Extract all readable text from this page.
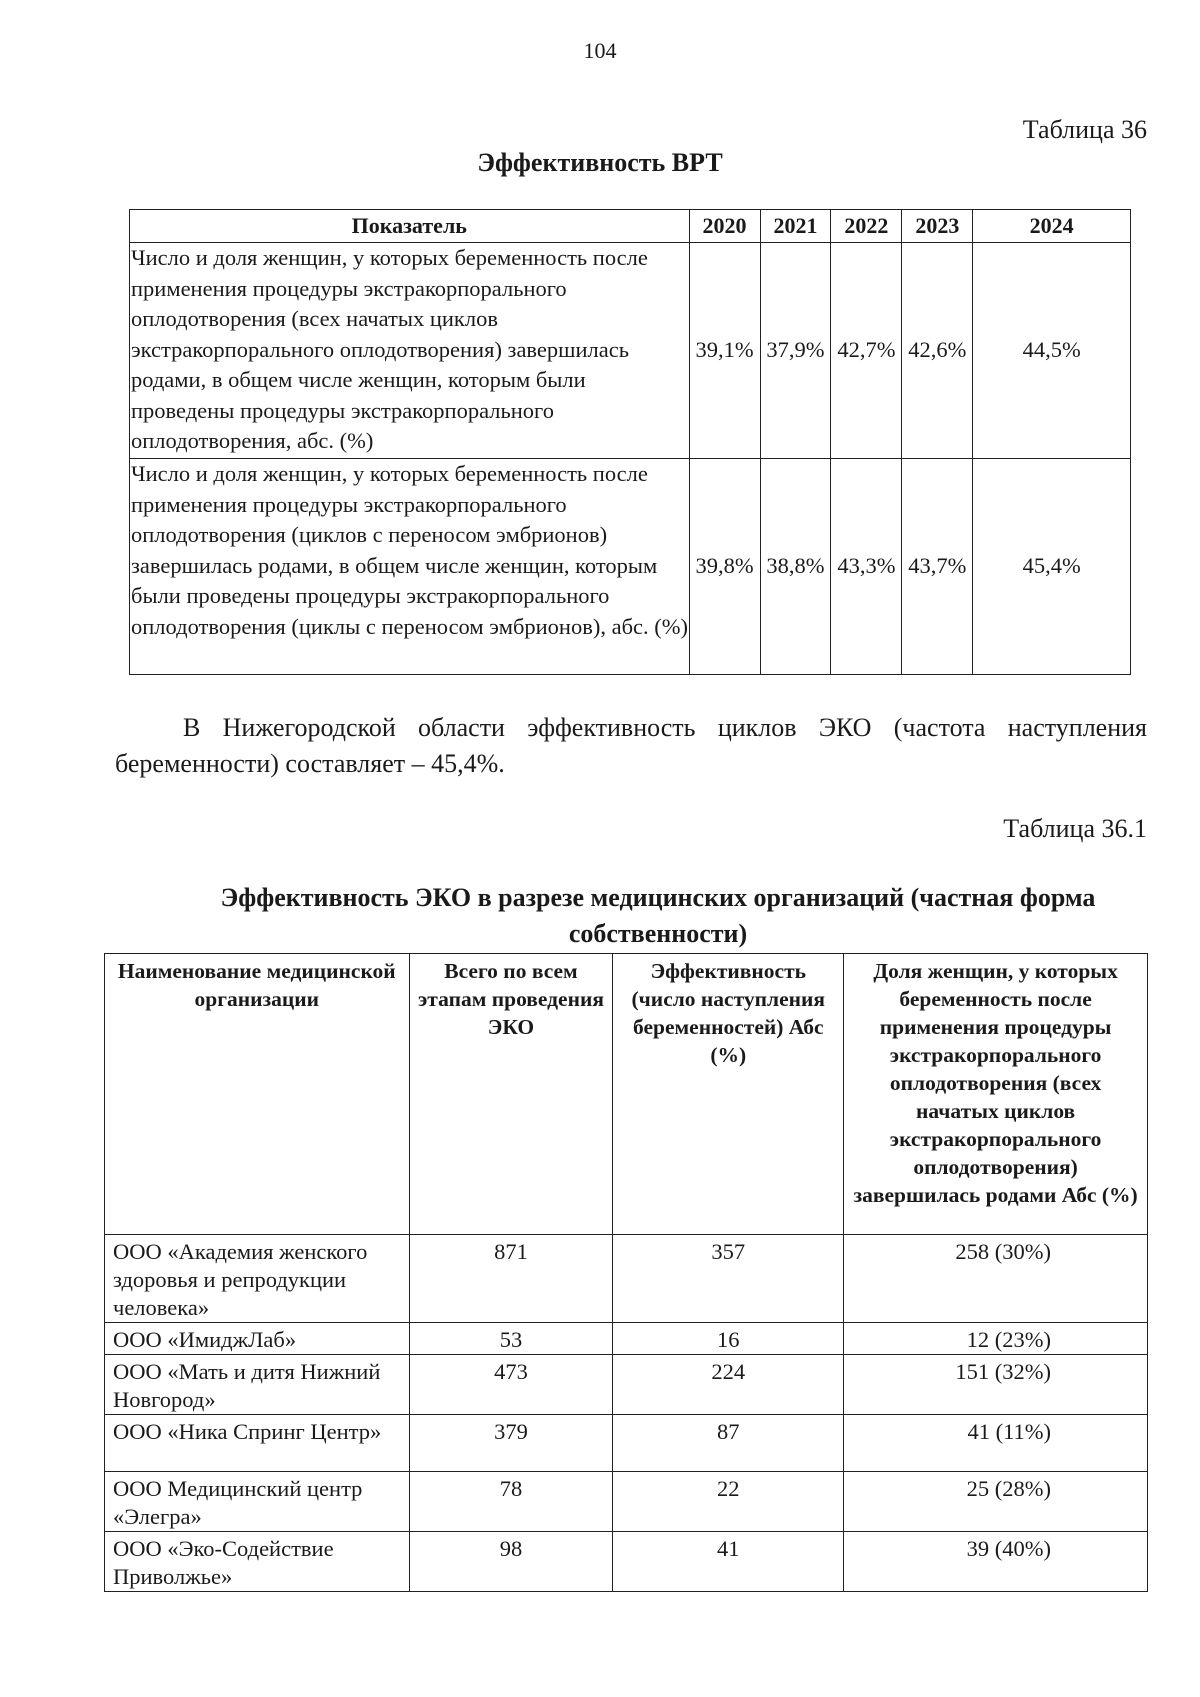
104
Таблица 36
Эффективность ВРТ
Показатель	2020	2021	2022	2023	2024
Число и доля женщин, у которых беременность после применения процедуры экстракорпорального оплодотворения (всех начатых циклов экстракорпорального оплодотворения) завершилась родами, в общем числе женщин, которым были проведены процедуры экстракорпорального оплодотворения, абс. (%)	39,1%	37,9%	42,7%	42,6%	44,5%
Число и доля женщин, у которых беременность после применения процедуры экстракорпорального оплодотворения (циклов с переносом эмбрионов) завершилась родами, в общем числе женщин, которым были проведены процедуры экстракорпорального оплодотворения (циклы с переносом эмбрионов), абс. (%)	39,8%	38,8%	43,3%	43,7%	45,4%
В Нижегородской области эффективность циклов ЭКО (частота наступления беременности) составляет – 45,4%.
Таблица 36.1
Эффективность ЭКО в разрезе медицинских организаций (частная форма собственности)
Наименование медицинской организации	Всего по всем этапам проведения ЭКО	Эффективность (число наступления беременностей) Абс (%)	Доля женщин, у которых беременность после применения процедуры экстракорпорального оплодотворения (всех начатых циклов экстракорпорального оплодотворения) завершилась родами Абс (%)
ООО «Академия женского здоровья и репродукции человека»	871	357	258 (30%)
ООО «ИмиджЛаб»	53	16	12 (23%)
ООО «Мать и дитя Нижний Новгород»	473	224	151 (32%)
ООО «Ника Спринг Центр»	379	87	41 (11%)
ООО Медицинский центр «Элегра»	78	22	25 (28%)
ООО «Эко-Содействие Приволжье»	98	41	39 (40%)
